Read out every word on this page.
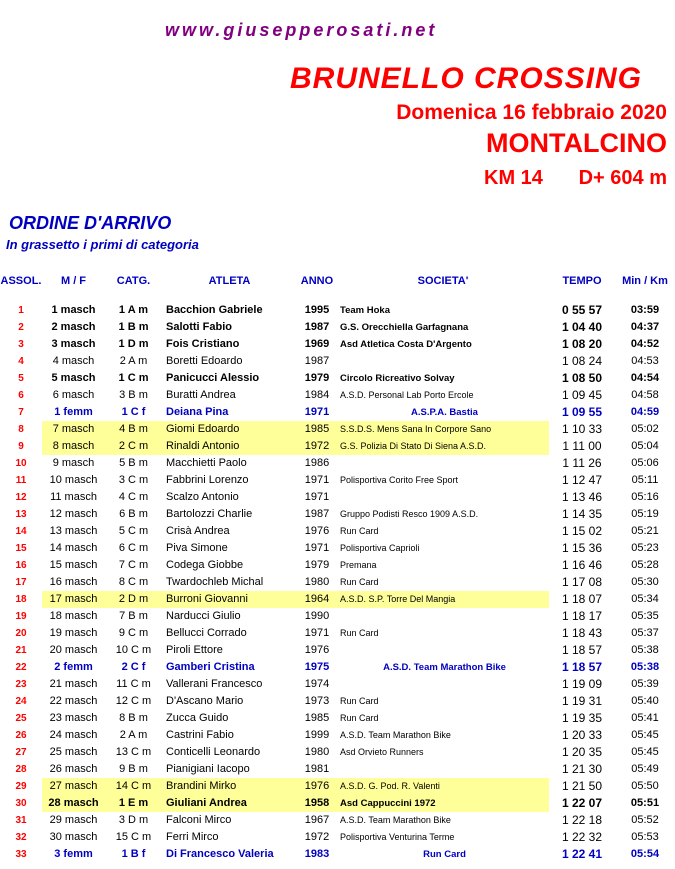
www.giusepperosati.net
BRUNELLO CROSSING
Domenica 16 febbraio 2020
MONTALCINO
KM 14 D+ 604 m
ORDINE D'ARRIVO
In grassetto i primi di categoria
ASSOL.	M / F	CATG.	ATLETA	ANNO	SOCIETA'	TEMPO	Min / Km

1	1 masch	1 A m	Bacchion Gabriele	1995	Team Hoka	0 55 57	03:59
2	2 masch	1 B m	Salotti Fabio	1987	G.S. Orecchiella Garfagnana	1 04 40	04:37
3	3 masch	1 D m	Fois Cristiano	1969	Asd Atletica Costa D'Argento	1 08 20	04:52
4	4 masch	2 A m	Boretti Edoardo	1987		1 08 24	04:53
5	5 masch	1 C m	Panicucci Alessio	1979	Circolo Ricreativo Solvay	1 08 50	04:54
6	6 masch	3 B m	Buratti Andrea	1984	A.S.D. Personal Lab Porto Ercole	1 09 45	04:58
7	1 femm	1 C f	Deiana Pina	1971	A.S.P.A. Bastia	1 09 55	04:59
8	7 masch	4 B m	Giomi Edoardo	1985	S.S.D.S. Mens Sana In Corpore Sano	1 10 33	05:02
9	8 masch	2 C m	Rinaldi Antonio	1972	G.S. Polizia Di Stato Di Siena A.S.D.	1 11 00	05:04
10	9 masch	5 B m	Macchietti Paolo	1986		1 11 26	05:06
11	10 masch	3 C m	Fabbrini Lorenzo	1971	Polisportiva Corito Free Sport	1 12 47	05:11
12	11 masch	4 C m	Scalzo Antonio	1971		1 13 46	05:16
13	12 masch	6 B m	Bartolozzi Charlie	1987	Gruppo Podisti Resco 1909 A.S.D.	1 14 35	05:19
14	13 masch	5 C m	Crisà Andrea	1976	Run Card	1 15 02	05:21
15	14 masch	6 C m	Piva Simone	1971	Polisportiva Caprioli	1 15 36	05:23
16	15 masch	7 C m	Codega Giobbe	1979	Premana	1 16 46	05:28
17	16 masch	8 C m	Twardochleb Michal	1980	Run Card	1 17 08	05:30
18	17 masch	2 D m	Burroni Giovanni	1964	A.S.D. S.P. Torre Del Mangia	1 18 07	05:34
19	18 masch	7 B m	Narducci Giulio	1990		1 18 17	05:35
20	19 masch	9 C m	Bellucci Corrado	1971	Run Card	1 18 43	05:37
21	20 masch	10 C m	Piroli Ettore	1976		1 18 57	05:38
22	2 femm	2 C f	Gamberi Cristina	1975	A.S.D. Team Marathon Bike	1 18 57	05:38
23	21 masch	11 C m	Vallerani Francesco	1974		1 19 09	05:39
24	22 masch	12 C m	D'Ascano Mario	1973	Run Card	1 19 31	05:40
25	23 masch	8 B m	Zucca Guido	1985	Run Card	1 19 35	05:41
26	24 masch	2 A m	Castrini Fabio	1999	A.S.D. Team Marathon Bike	1 20 33	05:45
27	25 masch	13 C m	Conticelli Leonardo	1980	Asd Orvieto Runners	1 20 35	05:45
28	26 masch	9 B m	Pianigiani Iacopo	1981		1 21 30	05:49
29	27 masch	14 C m	Brandini Mirko	1976	A.S.D. G. Pod. R. Valenti	1 21 50	05:50
30	28 masch	1 E m	Giuliani Andrea	1958	Asd Cappuccini 1972	1 22 07	05:51
31	29 masch	3 D m	Falconi Mirco	1967	A.S.D. Team Marathon Bike	1 22 18	05:52
32	30 masch	15 C m	Ferri Mirco	1972	Polisportiva Venturina Terme	1 22 32	05:53
33	3 femm	1 B f	Di Francesco Valeria	1983	Run Card	1 22 41	05:54
